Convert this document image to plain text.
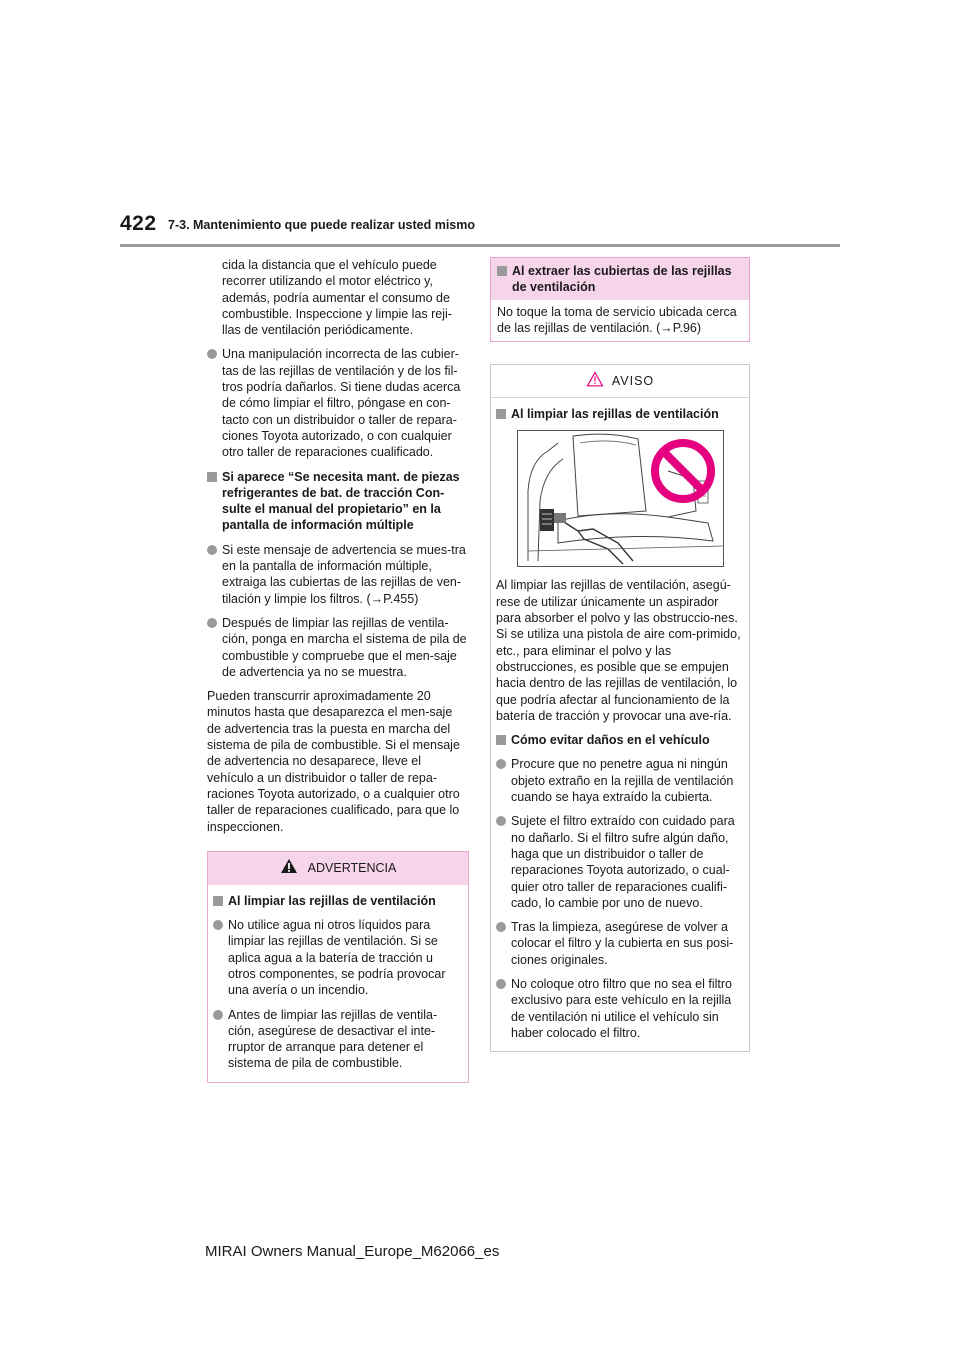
422 7-3. Mantenimiento que puede realizar usted mismo

cida la distancia que el vehículo puede recorrer utilizando el motor eléctrico y, además, podría aumentar el consumo de combustible. Inspeccione y limpie las reji-llas de ventilación periódicamente.

Una manipulación incorrecta de las cubier-tas de las rejillas de ventilación y de los fil-tros podría dañarlos. Si tiene dudas acerca de cómo limpiar el filtro, póngase en con-tacto con un distribuidor o taller de repara-ciones Toyota autorizado, o con cualquier otro taller de reparaciones cualificado.
Si aparece “Se necesita mant. de piezas refrigerantes de bat. de tracción Con-sulte el manual del propietario” en la pantalla de información múltiple
Si este mensaje de advertencia se mues-tra en la pantalla de información múltiple, extraiga las cubiertas de las rejillas de ven-tilación y limpie los filtros. (→P.455)
Después de limpiar las rejillas de ventila-ción, ponga en marcha el sistema de pila de combustible y compruebe que el men-saje de advertencia ya no se muestra.

Pueden transcurrir aproximadamente 20 minutos hasta que desaparezca el men-saje de advertencia tras la puesta en marcha del sistema de pila de combustible. Si el mensaje de advertencia no desaparece, lleve el vehículo a un distribuidor o taller de repa-raciones Toyota autorizado, o a cualquier otro taller de reparaciones cualificado, para que lo inspeccionen.

ADVERTENCIA
Al limpiar las rejillas de ventilación
No utilice agua ni otros líquidos para limpiar las rejillas de ventilación. Si se aplica agua a la batería de tracción u otros componentes, se podría provocar una avería o un incendio.
Antes de limpiar las rejillas de ventila-ción, asegúrese de desactivar el inte-rruptor de arranque para detener el sistema de pila de combustible.
Al extraer las cubiertas de las rejillas de ventilación

No toque la toma de servicio ubicada cerca de las rejillas de ventilación. (→P.96)

AVISO
Al limpiar las rejillas de ventilación

Al limpiar las rejillas de ventilación, asegú-rese de utilizar únicamente un aspirador para absorber el polvo y las obstruccio-nes. Si se utiliza una pistola de aire com-primido, etc., para eliminar el polvo y las obstrucciones, es posible que se empujen hacia dentro de las rejillas de ventilación, lo que podría afectar al funcionamiento de la batería de tracción y provocar una ave-ría.

Cómo evitar daños en el vehículo
Procure que no penetre agua ni ningún objeto extraño en la rejilla de ventilación cuando se haya extraído la cubierta.
Sujete el filtro extraído con cuidado para no dañarlo. Si el filtro sufre algún daño, haga que un distribuidor o taller de reparaciones Toyota autorizado, o cual-quier otro taller de reparaciones cualifi-cado, lo cambie por uno de nuevo.
Tras la limpieza, asegúrese de volver a colocar el filtro y la cubierta en sus posi-ciones originales.
No coloque otro filtro que no sea el filtro exclusivo para este vehículo en la rejilla de ventilación ni utilice el vehículo sin haber colocado el filtro.
MIRAI Owners Manual_Europe_M62066_es
